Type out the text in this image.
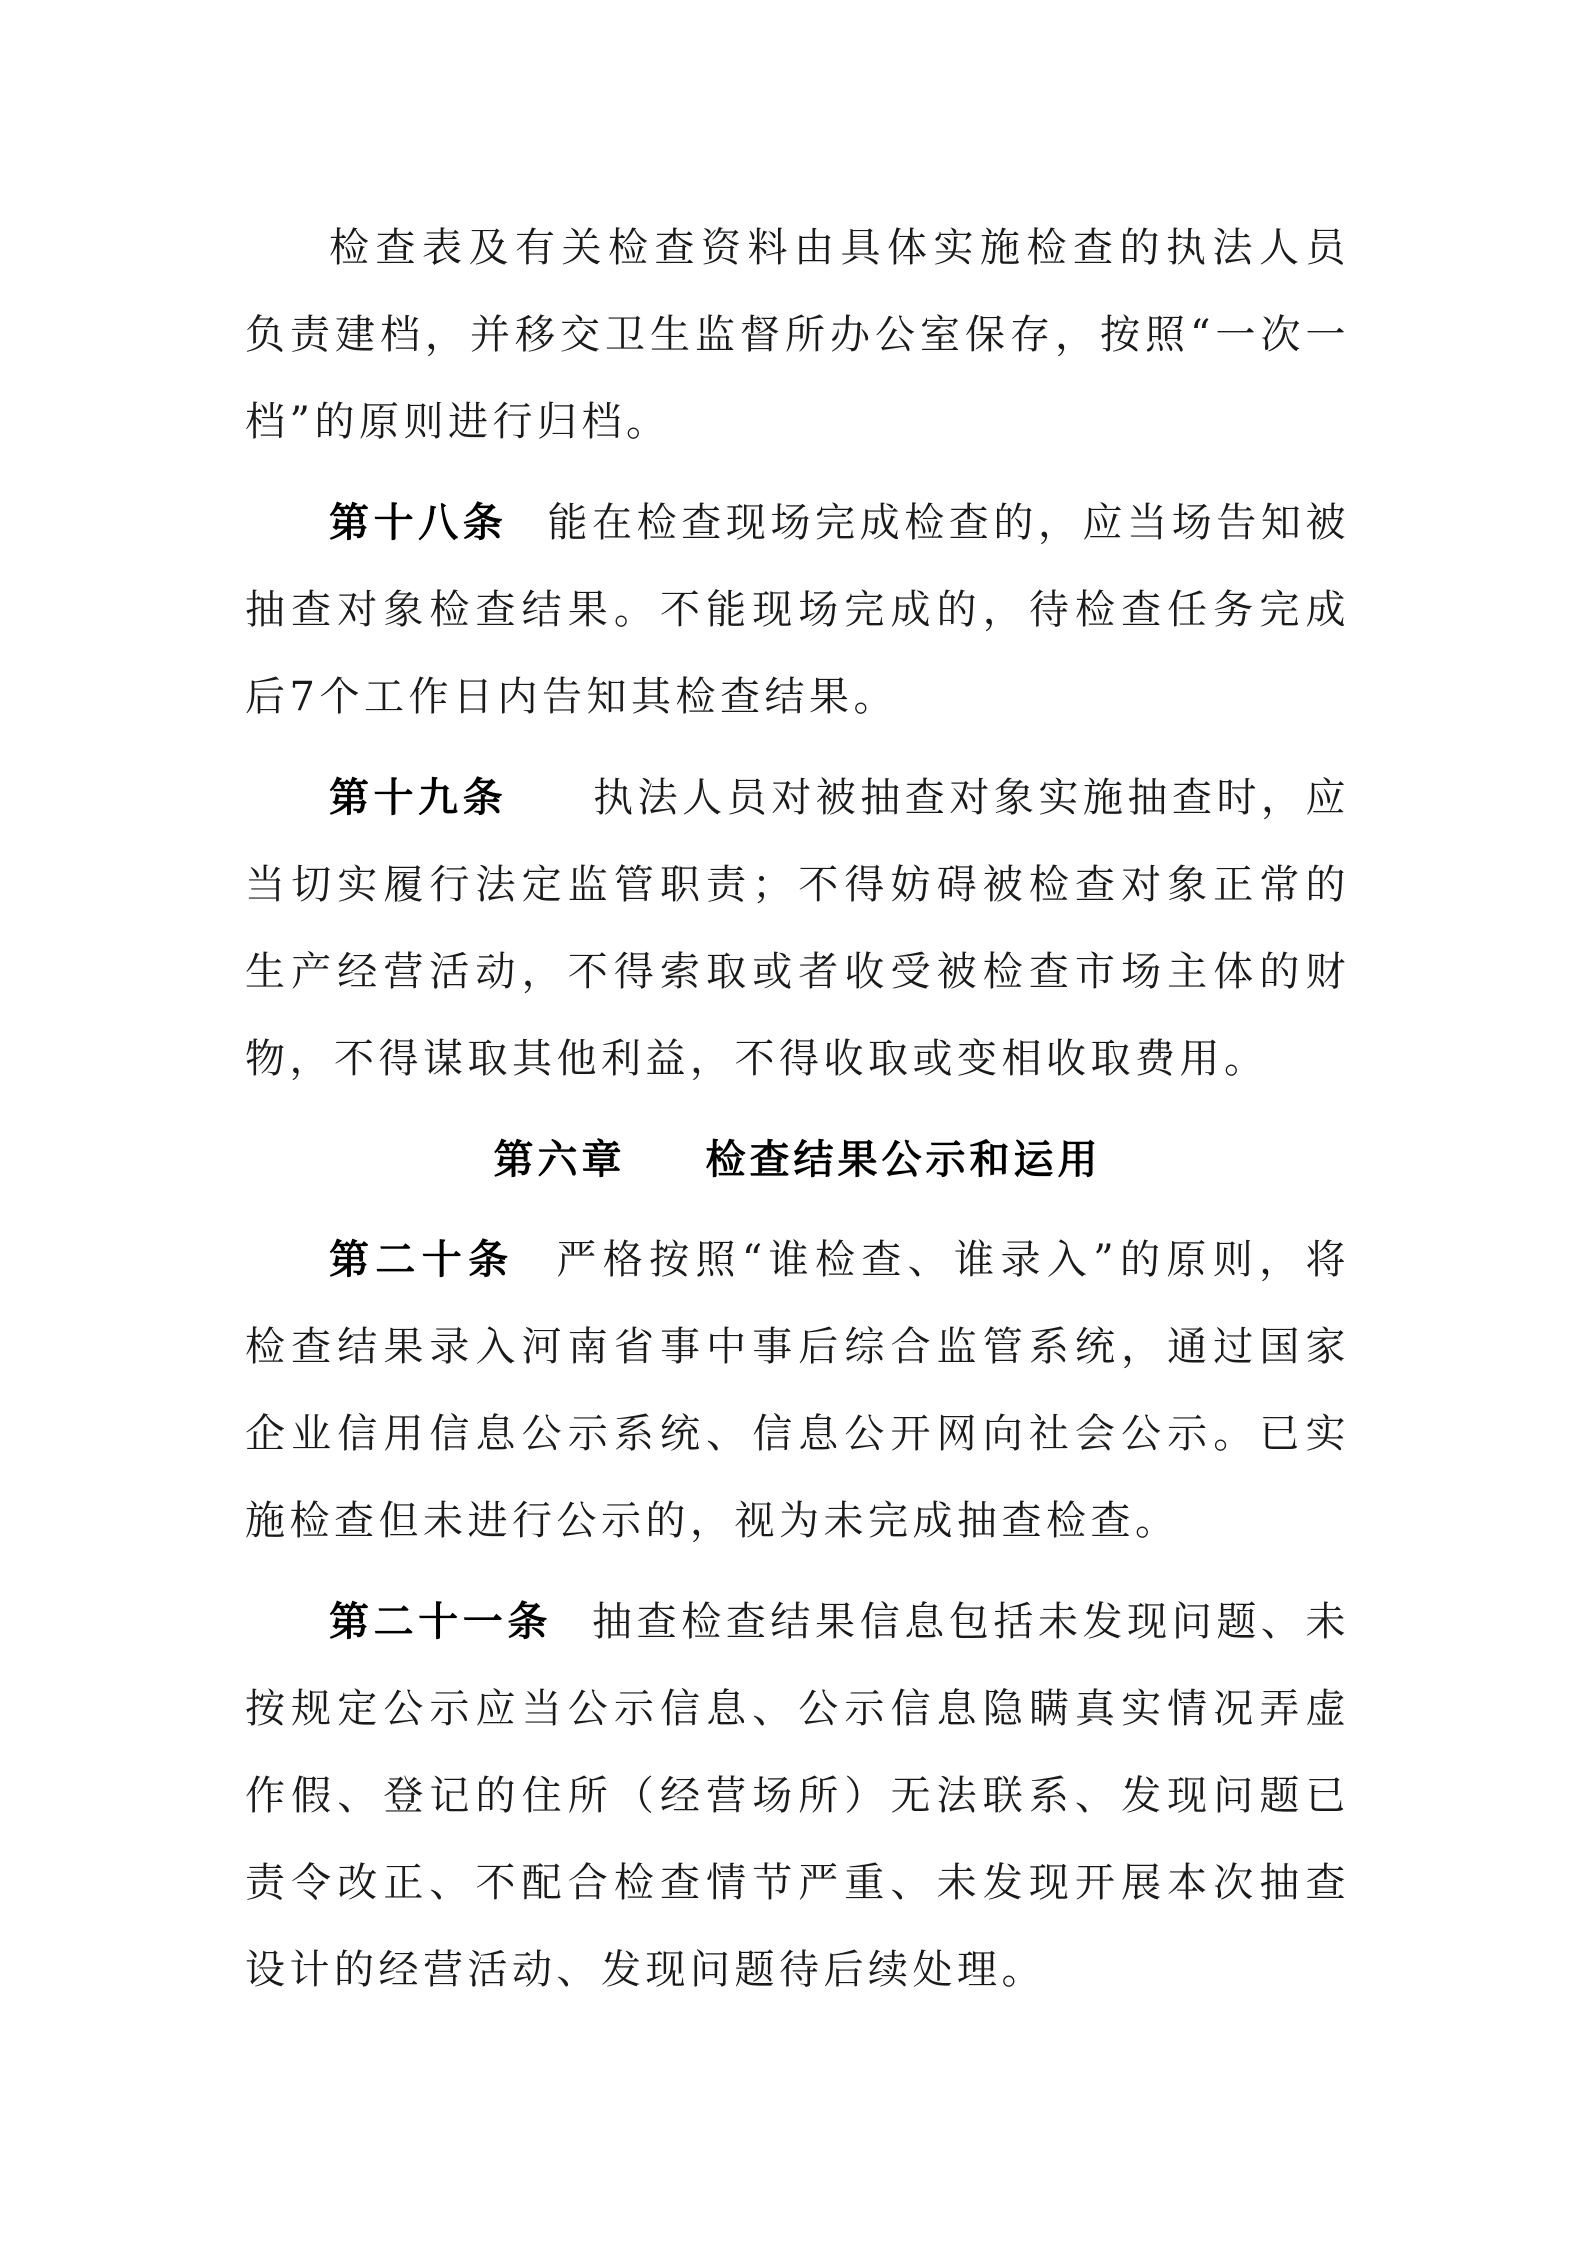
检查表及有关检查资料由具体实施检查的执法人员负责建档，并移交卫生监督所办公室保存，按照“一次一档”的原则进行归档。

第十八条 能在检查现场完成检查的，应当场告知被抽查对象检查结果。不能现场完成的，待检查任务完成后7个工作日内告知其检查结果。

第十九条 执法人员对被抽查对象实施抽查时，应当切实履行法定监管职责；不得妨碍被检查对象正常的生产经营活动，不得索取或者收受被检查市场主体的财物，不得谋取其他利益，不得收取或变相收取费用。

第六章 检查结果公示和运用

第二十条 严格按照“谁检查、谁录入”的原则，将检查结果录入河南省事中事后综合监管系统，通过国家企业信用信息公示系统、信息公开网向社会公示。已实施检查但未进行公示的，视为未完成抽查检查。

第二十一条 抽查检查结果信息包括未发现问题、未按规定公示应当公示信息、公示信息隐瞒真实情况弄虚作假、登记的住所（经营场所）无法联系、发现问题已责令改正、不配合检查情节严重、未发现开展本次抽查设计的经营活动、发现问题待后续处理。
